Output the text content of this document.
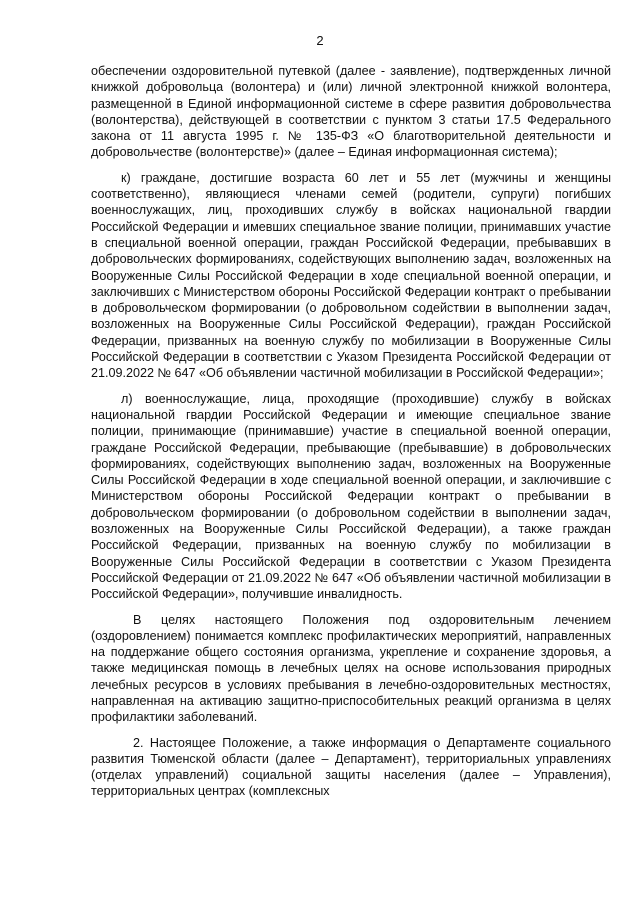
2

обеспечении оздоровительной путевкой (далее - заявление), подтвержденных личной книжкой добровольца (волонтера) и (или) личной электронной книжкой волонтера, размещенной в Единой информационной системе в сфере развития добровольчества (волонтерства), действующей в соответствии с пунктом 3 статьи 17.5 Федерального закона от 11 августа 1995 г. № 135-ФЗ «О благотворительной деятельности и добровольчестве (волонтерстве)» (далее – Единая информационная система);

к) граждане, достигшие возраста 60 лет и 55 лет (мужчины и женщины соответственно), являющиеся членами семей (родители, супруги) погибших военнослужащих, лиц, проходивших службу в войсках национальной гвардии Российской Федерации и имевших специальное звание полиции, принимавших участие в специальной военной операции, граждан Российской Федерации, пребывавших в добровольческих формированиях, содействующих выполнению задач, возложенных на Вооруженные Силы Российской Федерации в ходе специальной военной операции, и заключивших с Министерством обороны Российской Федерации контракт о пребывании в добровольческом формировании (о добровольном содействии в выполнении задач, возложенных на Вооруженные Силы Российской Федерации), граждан Российской Федерации, призванных на военную службу по мобилизации в Вооруженные Силы Российской Федерации в соответствии с Указом Президента Российской Федерации от 21.09.2022 № 647 «Об объявлении частичной мобилизации в Российской Федерации»;

л) военнослужащие, лица, проходящие (проходившие) службу в войсках национальной гвардии Российской Федерации и имеющие специальное звание полиции, принимающие (принимавшие) участие в специальной военной операции, граждане Российской Федерации, пребывающие (пребывавшие) в добровольческих формированиях, содействующих выполнению задач, возложенных на Вооруженные Силы Российской Федерации в ходе специальной военной операции, и заключившие с Министерством обороны Российской Федерации контракт о пребывании в добровольческом формировании (о добровольном содействии в выполнении задач, возложенных на Вооруженные Силы Российской Федерации), а также граждан Российской Федерации, призванных на военную службу по мобилизации в Вооруженные Силы Российской Федерации в соответствии с Указом Президента Российской Федерации от 21.09.2022 № 647 «Об объявлении частичной мобилизации в Российской Федерации», получившие инвалидность.

В целях настоящего Положения под оздоровительным лечением (оздоровлением) понимается комплекс профилактических мероприятий, направленных на поддержание общего состояния организма, укрепление и сохранение здоровья, а также медицинская помощь в лечебных целях на основе использования природных лечебных ресурсов в условиях пребывания в лечебно-оздоровительных местностях, направленная на активацию защитно-приспособительных реакций организма в целях профилактики заболеваний.

2. Настоящее Положение, а также информация о Департаменте социального развития Тюменской области (далее – Департамент), территориальных управлениях (отделах управлений) социальной защиты населения (далее – Управления), территориальных центрах (комплексных
